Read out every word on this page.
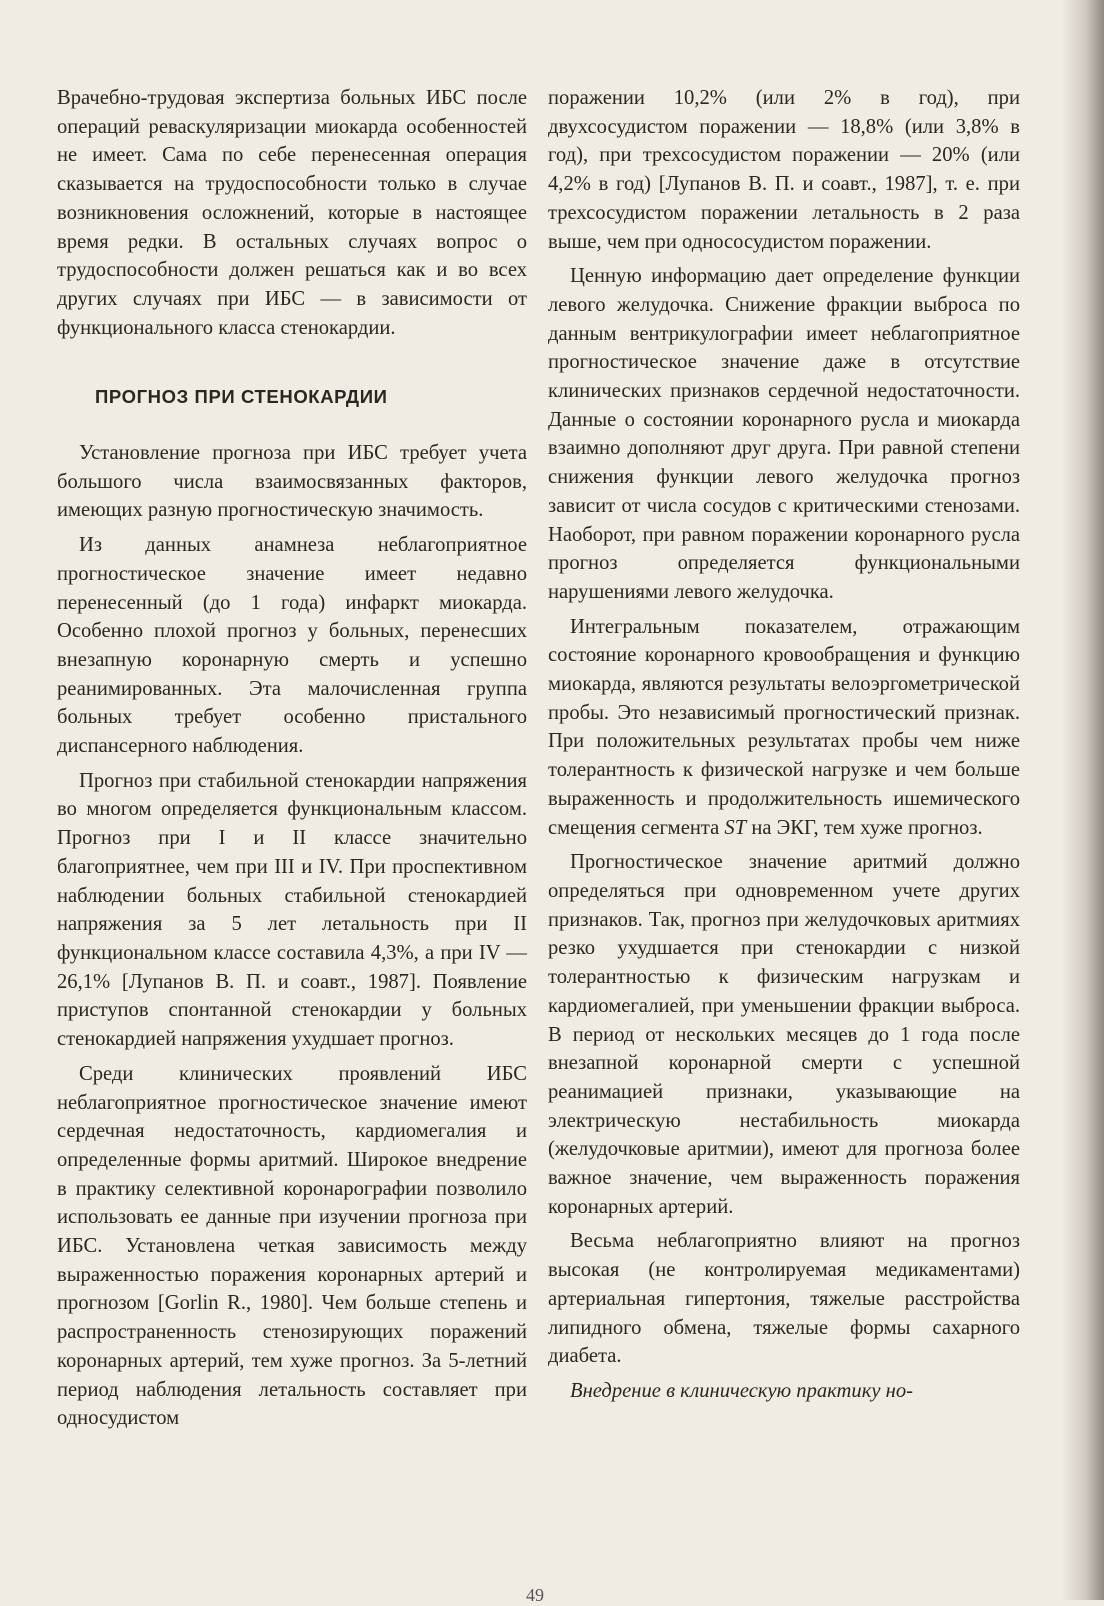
Врачебно-трудовая экспертиза больных ИБС после операций реваскуляризации миокарда особенностей не имеет. Сама по себе перенесенная операция сказывается на трудоспособности только в случае возникновения осложнений, которые в настоящее время редки. В остальных случаях вопрос о трудоспособности должен решаться как и во всех других случаях при ИБС — в зависимости от функционального класса стенокардии.

ПРОГНОЗ ПРИ СТЕНОКАРДИИ

Установление прогноза при ИБС требует учета большого числа взаимосвязанных факторов, имеющих разную прогностическую значимость.

Из данных анамнеза неблагоприятное прогностическое значение имеет недавно перенесенный (до 1 года) инфаркт миокарда. Особенно плохой прогноз у больных, перенесших внезапную коронарную смерть и успешно реанимированных. Эта малочисленная группа больных требует особенно пристального диспансерного наблюдения.

Прогноз при стабильной стенокардии напряжения во многом определяется функциональным классом. Прогноз при I и II классе значительно благоприятнее, чем при III и IV. При проспективном наблюдении больных стабильной стенокардией напряжения за 5 лет летальность при II функциональном классе составила 4,3%, а при IV — 26,1% [Лупанов В. П. и соавт., 1987]. Появление приступов спонтанной стенокардии у больных стенокардией напряжения ухудшает прогноз.

Среди клинических проявлений ИБС неблагоприятное прогностическое значение имеют сердечная недостаточность, кардиомегалия и определенные формы аритмий. Широкое внедрение в практику селективной коронарографии позволило использовать ее данные при изучении прогноза при ИБС. Установлена четкая зависимость между выраженностью поражения коронарных артерий и прогнозом [Gorlin R., 1980]. Чем больше степень и распространенность стенозирующих поражений коронарных артерий, тем хуже прогноз. За 5-летний период наблюдения летальность составляет при односудистом

поражении 10,2% (или 2% в год), при двухсосудистом поражении — 18,8% (или 3,8% в год), при трехсосудистом поражении — 20% (или 4,2% в год) [Лупанов В. П. и соавт., 1987], т. е. при трехсосудистом поражении летальность в 2 раза выше, чем при однососудистом поражении.

Ценную информацию дает определение функции левого желудочка. Снижение фракции выброса по данным вентрикулографии имеет неблагоприятное прогностическое значение даже в отсутствие клинических признаков сердечной недостаточности. Данные о состоянии коронарного русла и миокарда взаимно дополняют друг друга. При равной степени снижения функции левого желудочка прогноз зависит от числа сосудов с критическими стенозами. Наоборот, при равном поражении коронарного русла прогноз определяется функциональными нарушениями левого желудочка.

Интегральным показателем, отражающим состояние коронарного кровообращения и функцию миокарда, являются результаты велоэргометрической пробы. Это независимый прогностический признак. При положительных результатах пробы чем ниже толерантность к физической нагрузке и чем больше выраженность и продолжительность ишемического смещения сегмента ST на ЭКГ, тем хуже прогноз.

Прогностическое значение аритмий должно определяться при одновременном учете других признаков. Так, прогноз при желудочковых аритмиях резко ухудшается при стенокардии с низкой толерантностью к физическим нагрузкам и кардиомегалией, при уменьшении фракции выброса. В период от нескольких месяцев до 1 года после внезапной коронарной смерти с успешной реанимацией признаки, указывающие на электрическую нестабильность миокарда (желудочковые аритмии), имеют для прогноза более важное значение, чем выраженность поражения коронарных артерий.

Весьма неблагоприятно влияют на прогноз высокая (не контролируемая медикаментами) артериальная гипертония, тяжелые расстройства липидного обмена, тяжелые формы сахарного диабета.

Внедрение в клиническую практику но-

49
